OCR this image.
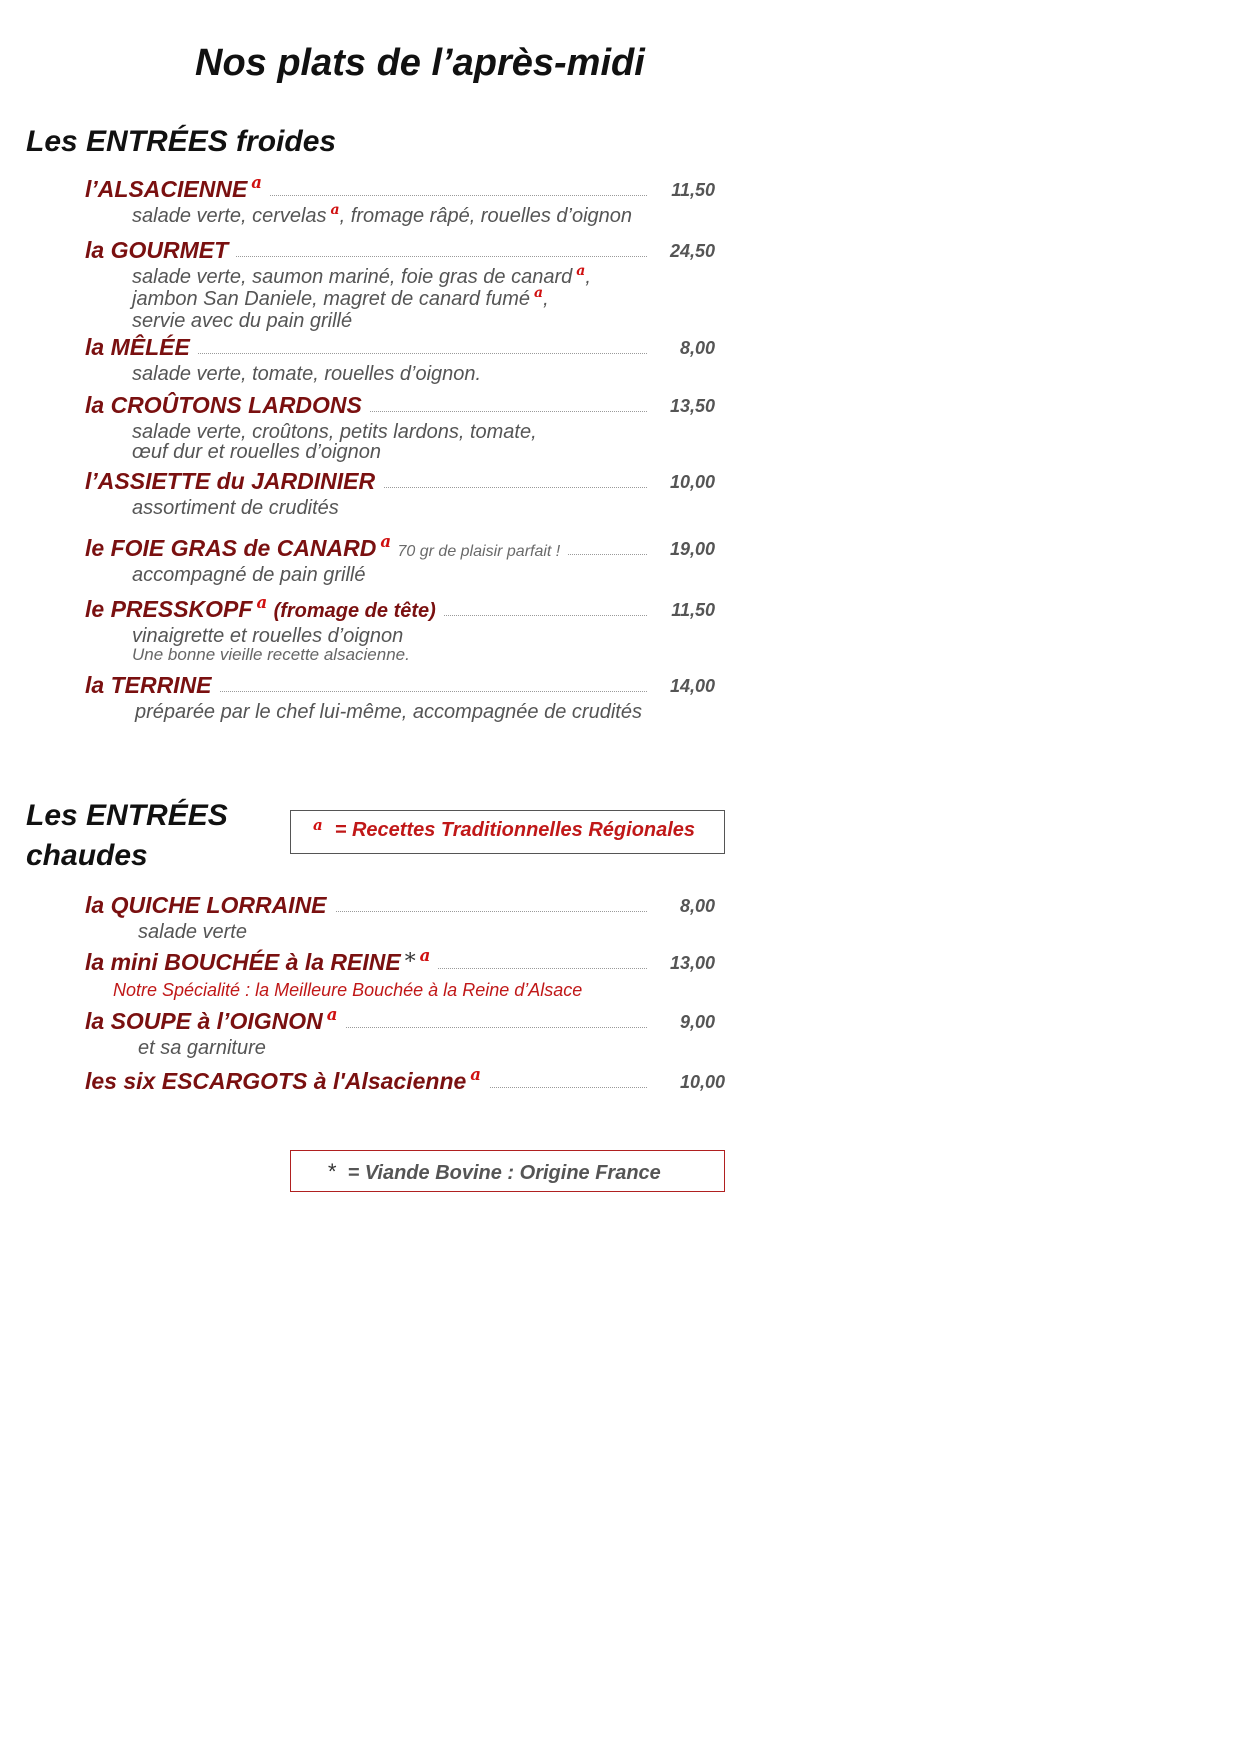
Nos plats de l’après-midi
Les ENTRÉES froides
l’ALSACIENNE $^a$	11,50
salade verte, cervelas $^a$, fromage râpé, rouelles d’oignon
la GOURMET	24,50
salade verte, saumon mariné, foie gras de canard $^a$,
jambon San Daniele, magret de canard fumé $^a$,
servie avec du pain grillé
la MÊLÉE	8,00
salade verte, tomate, rouelles d’oignon.
la CROÛTONS LARDONS	13,50
salade verte, croûtons, petits lardons, tomate,
œuf dur et rouelles d’oignon
l’ASSIETTE du JARDINIER	10,00
assortiment de crudités
le FOIE GRAS de CANARD $^a$ 70 gr de plaisir parfait !	19,00
accompagné de pain grillé
le PRESSKOPF $^a$ (fromage de tête)	11,50
vinaigrette et rouelles d’oignon
Une bonne vieille recette alsacienne.
la TERRINE	14,00
préparée par le chef lui-même, accompagnée de crudités
Les ENTRÉES
chaudes
$^a$ = Recettes Traditionnelles Régionales
la QUICHE LORRAINE	8,00
salade verte
la mini BOUCHÉE à la REINE * $^a$	13,00
Notre Spécialité : la Meilleure Bouchée à la Reine d’Alsace
la SOUPE à l’OIGNON $^a$	9,00
et sa garniture
les six ESCARGOTS à l'Alsacienne $^a$	10,00
* = Viande Bovine : Origine France
